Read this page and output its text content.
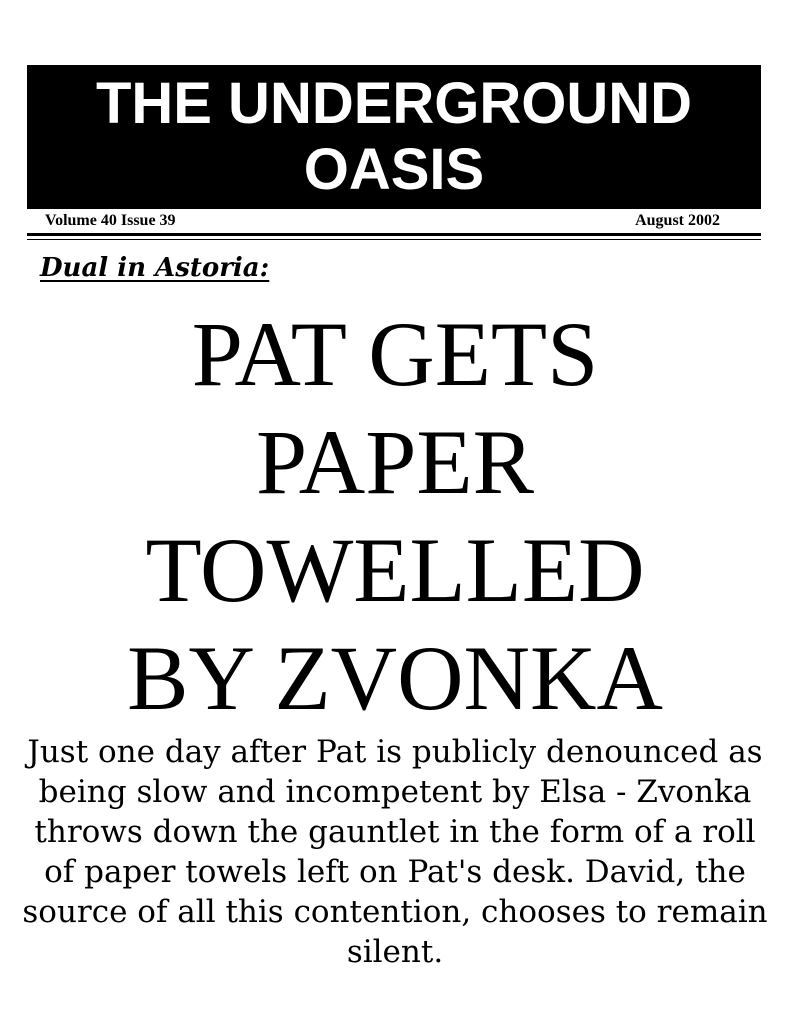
THE UNDERGROUND
OASIS
Volume 40 Issue 39	August 2002
Dual in Astoria:
PAT GETS
PAPER
TOWELLED
BY ZVONKA
Just one day after Pat is publicly denounced as being slow and incompetent by Elsa - Zvonka throws down the gauntlet in the form of a roll of paper towels left on Pat's desk. David, the source of all this contention, chooses to remain silent.
